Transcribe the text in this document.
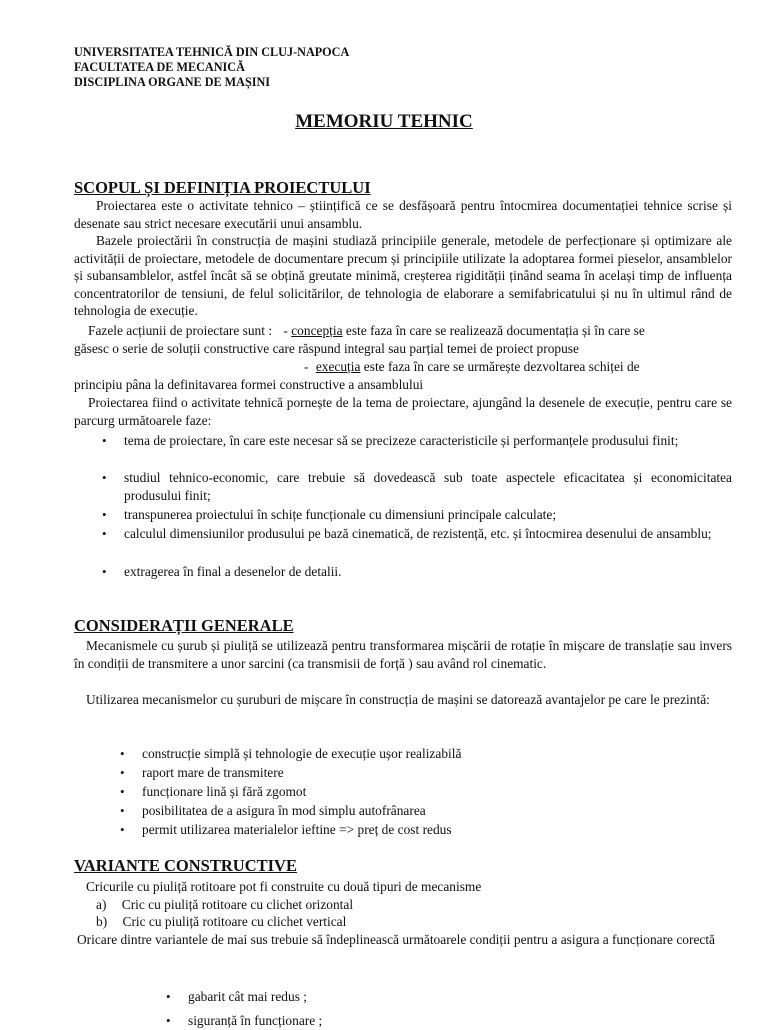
UNIVERSITATEA TEHNICĂ DIN CLUJ-NAPOCA
FACULTATEA DE MECANICĂ
DISCIPLINA ORGANE DE MAȘINI
MEMORIU TEHNIC
SCOPUL ȘI DEFINIȚIA PROIECTULUI

Proiectarea este o activitate tehnico – științifică ce se desfășoară pentru întocmirea documentației tehnice scrise și desenate sau strict necesare executării unui ansamblu.

Bazele proiectării în construcția de mașini studiază principiile generale, metodele de perfecționare și optimizare ale activității de proiectare, metodele de documentare precum și principiile utilizate la adoptarea formei pieselor, ansamblelor și subansamblelor, astfel încât să se obțină greutate minimă, creșterea rigidității ținând seama în același timp de influența concentratorilor de tensiuni, de felul solicitărilor, de tehnologia de elaborare a semifabricatului și nu în ultimul rând de tehnologia de execuție.

Fazele acțiunii de proiectare sunt : - concepția este faza în care se realizează documentația și în care se
găsesc o serie de soluții constructive care răspund integral sau parțial temei de proiect propuse
- execuția este faza în care se urmărește dezvoltarea schiței de
principiu pâna la definitavarea formei constructive a ansamblului

Proiectarea fiind o activitate tehnică pornește de la tema de proiectare, ajungând la desenele de execuție, pentru care se parcurg următoarele faze:

• tema de proiectare, în care este necesar să se precizeze caracteristicile și performanțele produsului finit;

• studiul tehnico-economic, care trebuie să dovedească sub toate aspectele eficacitatea și economicitatea produsului finit;

• transpunerea proiectului în schițe funcționale cu dimensiuni principale calculate;

• calculul dimensiunilor produsului pe bază cinematică, de rezistență, etc. și întocmirea desenului de ansamblu;

• extragerea în final a desenelor de detalii.

CONSIDERAȚII GENERALE

Mecanismele cu șurub și piuliță se utilizează pentru transformarea mișcării de rotație în mișcare de translație sau invers în condiții de transmitere a unor sarcini (ca transmisii de forță ) sau având rol cinematic.

Utilizarea mecanismelor cu șuruburi de mișcare în construcția de mașini se datorează avantajelor pe care le prezintă:

• construcție simplă și tehnologie de execuție ușor realizabilă

• raport mare de transmitere

• funcționare lină și fără zgomot

• posibilitatea de a asigura în mod simplu autofrânarea

• permit utilizarea materialelor ieftine => preț de cost redus

VARIANTE CONSTRUCTIVE
Cricurile cu piuliță rotitoare pot fi construite cu două tipuri de mecanisme
a) Cric cu piuliță rotitoare cu clichet orizontal
b) Cric cu piuliță rotitoare cu clichet vertical

Oricare dintre variantele de mai sus trebuie să îndeplinească următoarele condiții pentru a asigura a funcționare corectă

• gabarit cât mai redus ;

• siguranță în funcționare ;
